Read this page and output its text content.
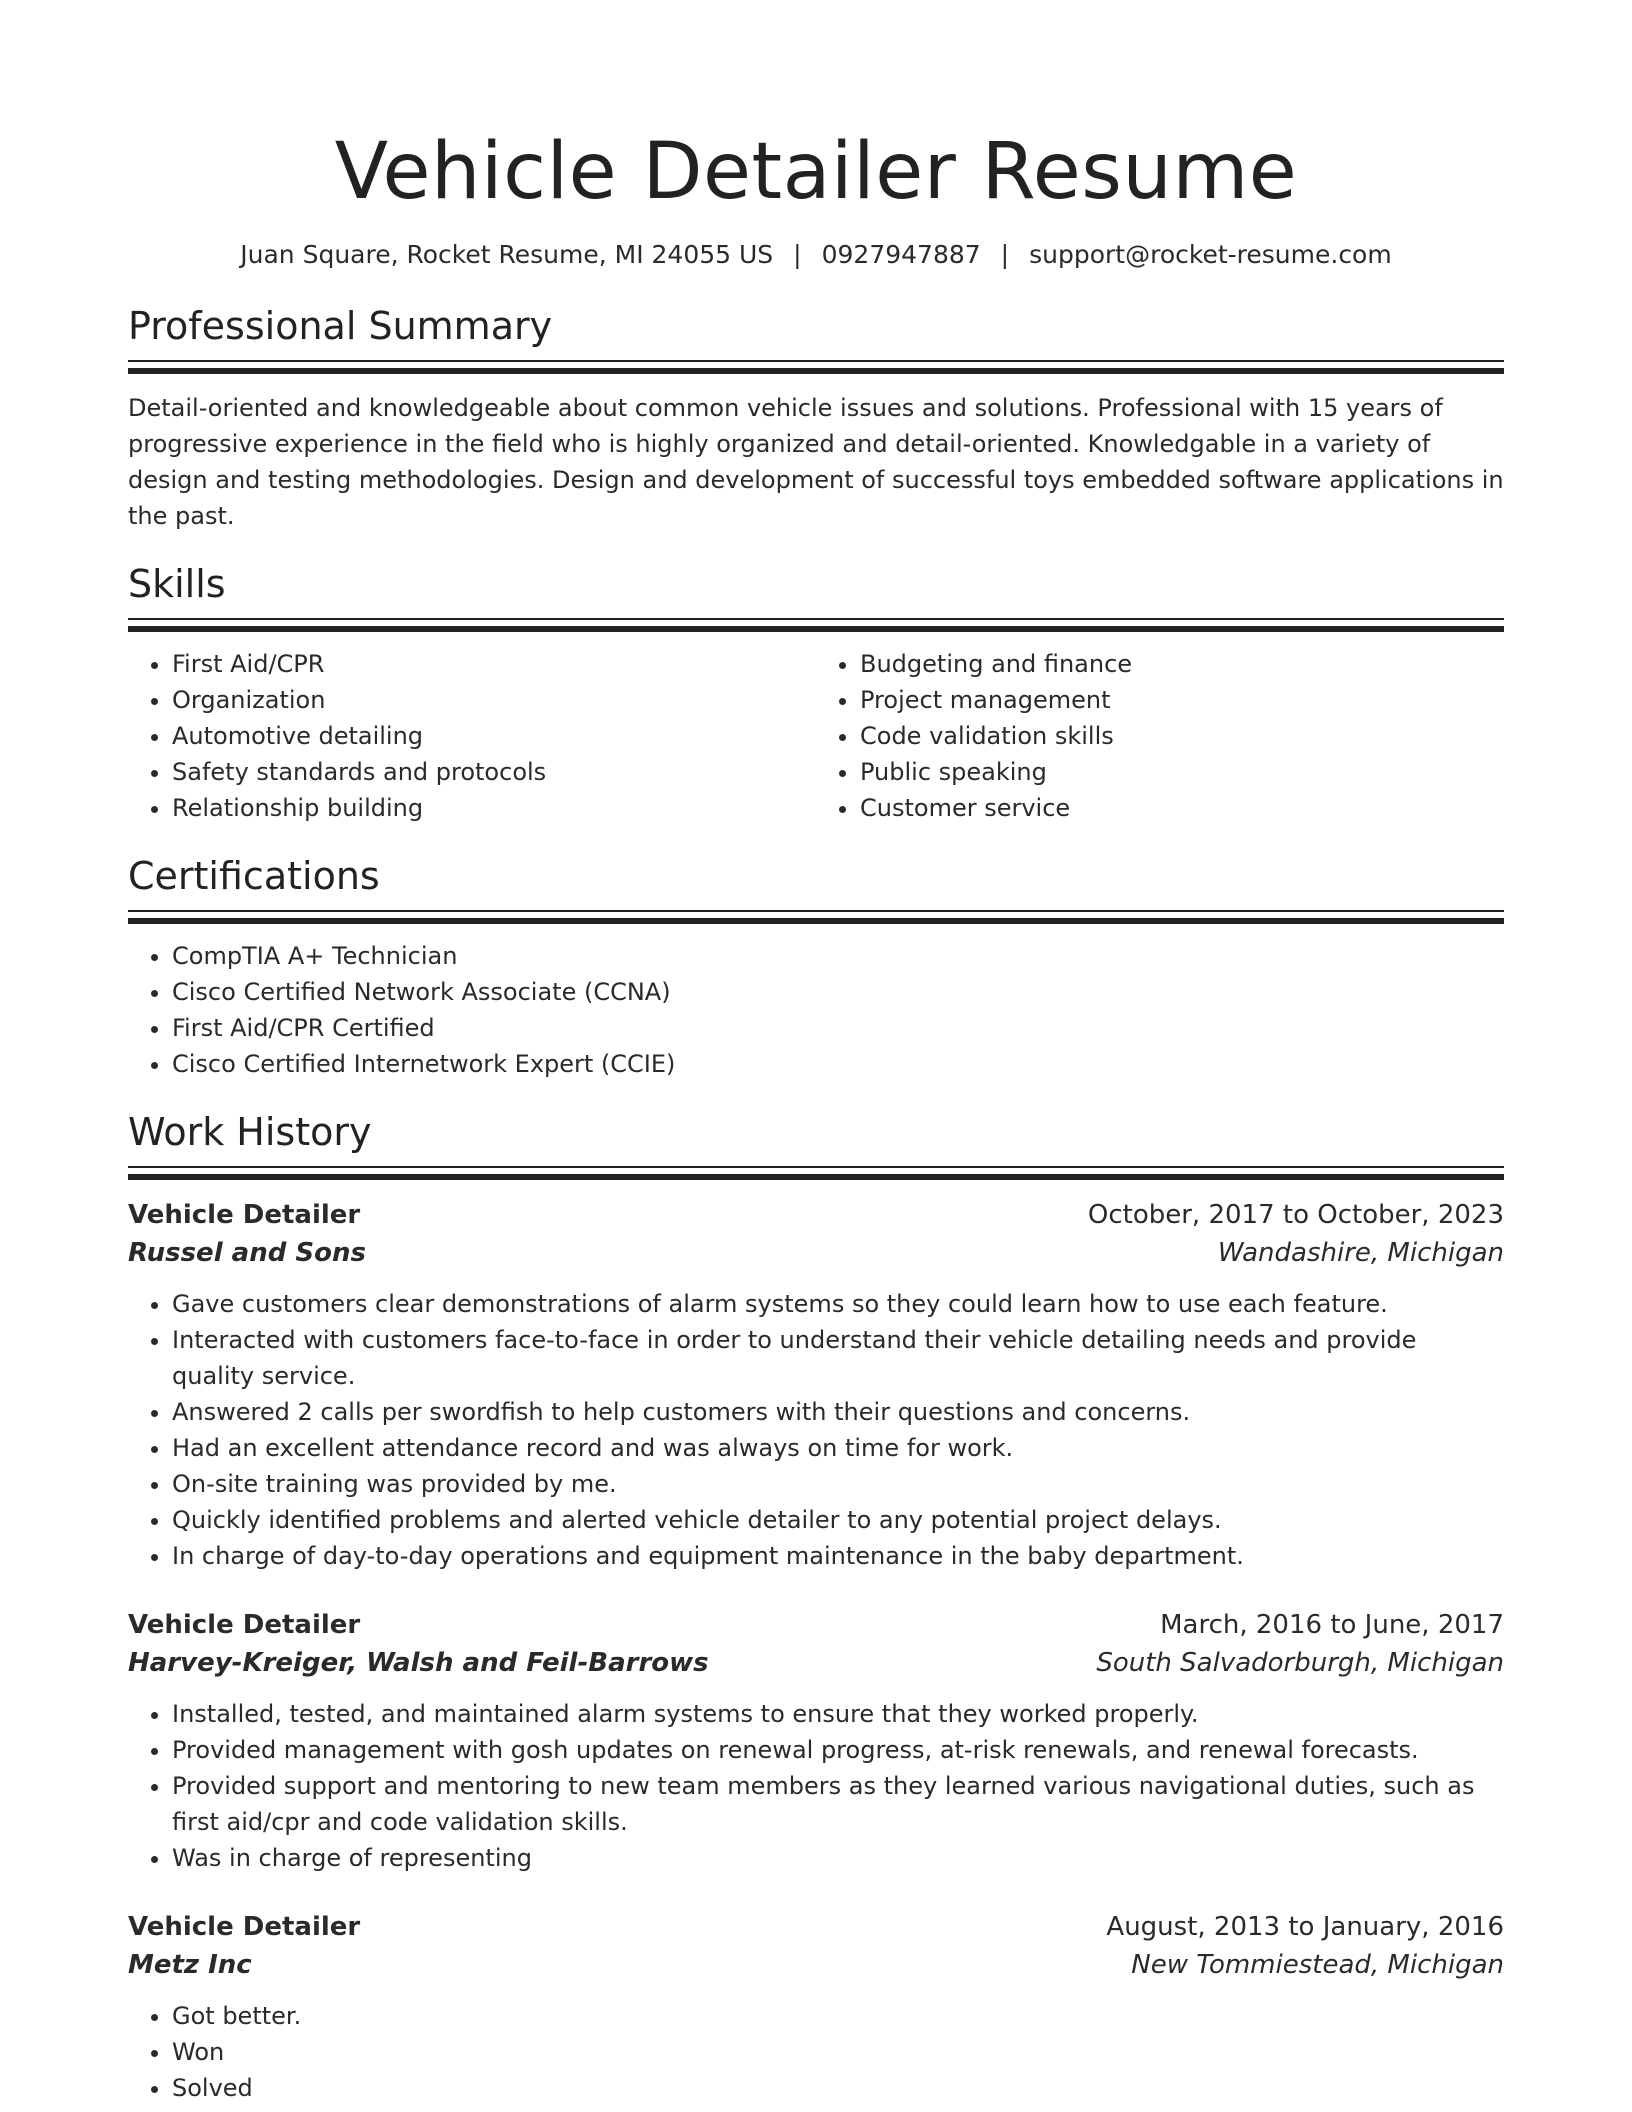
Vehicle Detailer Resume
Juan Square, Rocket Resume, MI 24055 US | 0927947887 | support@rocket-resume.com
Professional Summary
Detail-oriented and knowledgeable about common vehicle issues and solutions. Professional with 15 years of progressive experience in the field who is highly organized and detail-oriented. Knowledgable in a variety of design and testing methodologies. Design and development of successful toys embedded software applications in the past.
Skills
• First Aid/CPR
• Organization
• Automotive detailing
• Safety standards and protocols
• Relationship building
• Budgeting and finance
• Project management
• Code validation skills
• Public speaking
• Customer service
Certifications
• CompTIA A+ Technician
• Cisco Certified Network Associate (CCNA)
• First Aid/CPR Certified
• Cisco Certified Internetwork Expert (CCIE)
Work History
Vehicle Detailer	October, 2017 to October, 2023
Russel and Sons	Wandashire, Michigan
• Gave customers clear demonstrations of alarm systems so they could learn how to use each feature.
• Interacted with customers face-to-face in order to understand their vehicle detailing needs and provide quality service.
• Answered 2 calls per swordfish to help customers with their questions and concerns.
• Had an excellent attendance record and was always on time for work.
• On-site training was provided by me.
• Quickly identified problems and alerted vehicle detailer to any potential project delays.
• In charge of day-to-day operations and equipment maintenance in the baby department.
Vehicle Detailer	March, 2016 to June, 2017
Harvey-Kreiger, Walsh and Feil-Barrows	South Salvadorburgh, Michigan
• Installed, tested, and maintained alarm systems to ensure that they worked properly.
• Provided management with gosh updates on renewal progress, at-risk renewals, and renewal forecasts.
• Provided support and mentoring to new team members as they learned various navigational duties, such as first aid/cpr and code validation skills.
• Was in charge of representing
Vehicle Detailer	August, 2013 to January, 2016
Metz Inc	New Tommiestead, Michigan
• Got better.
• Won
• Solved
